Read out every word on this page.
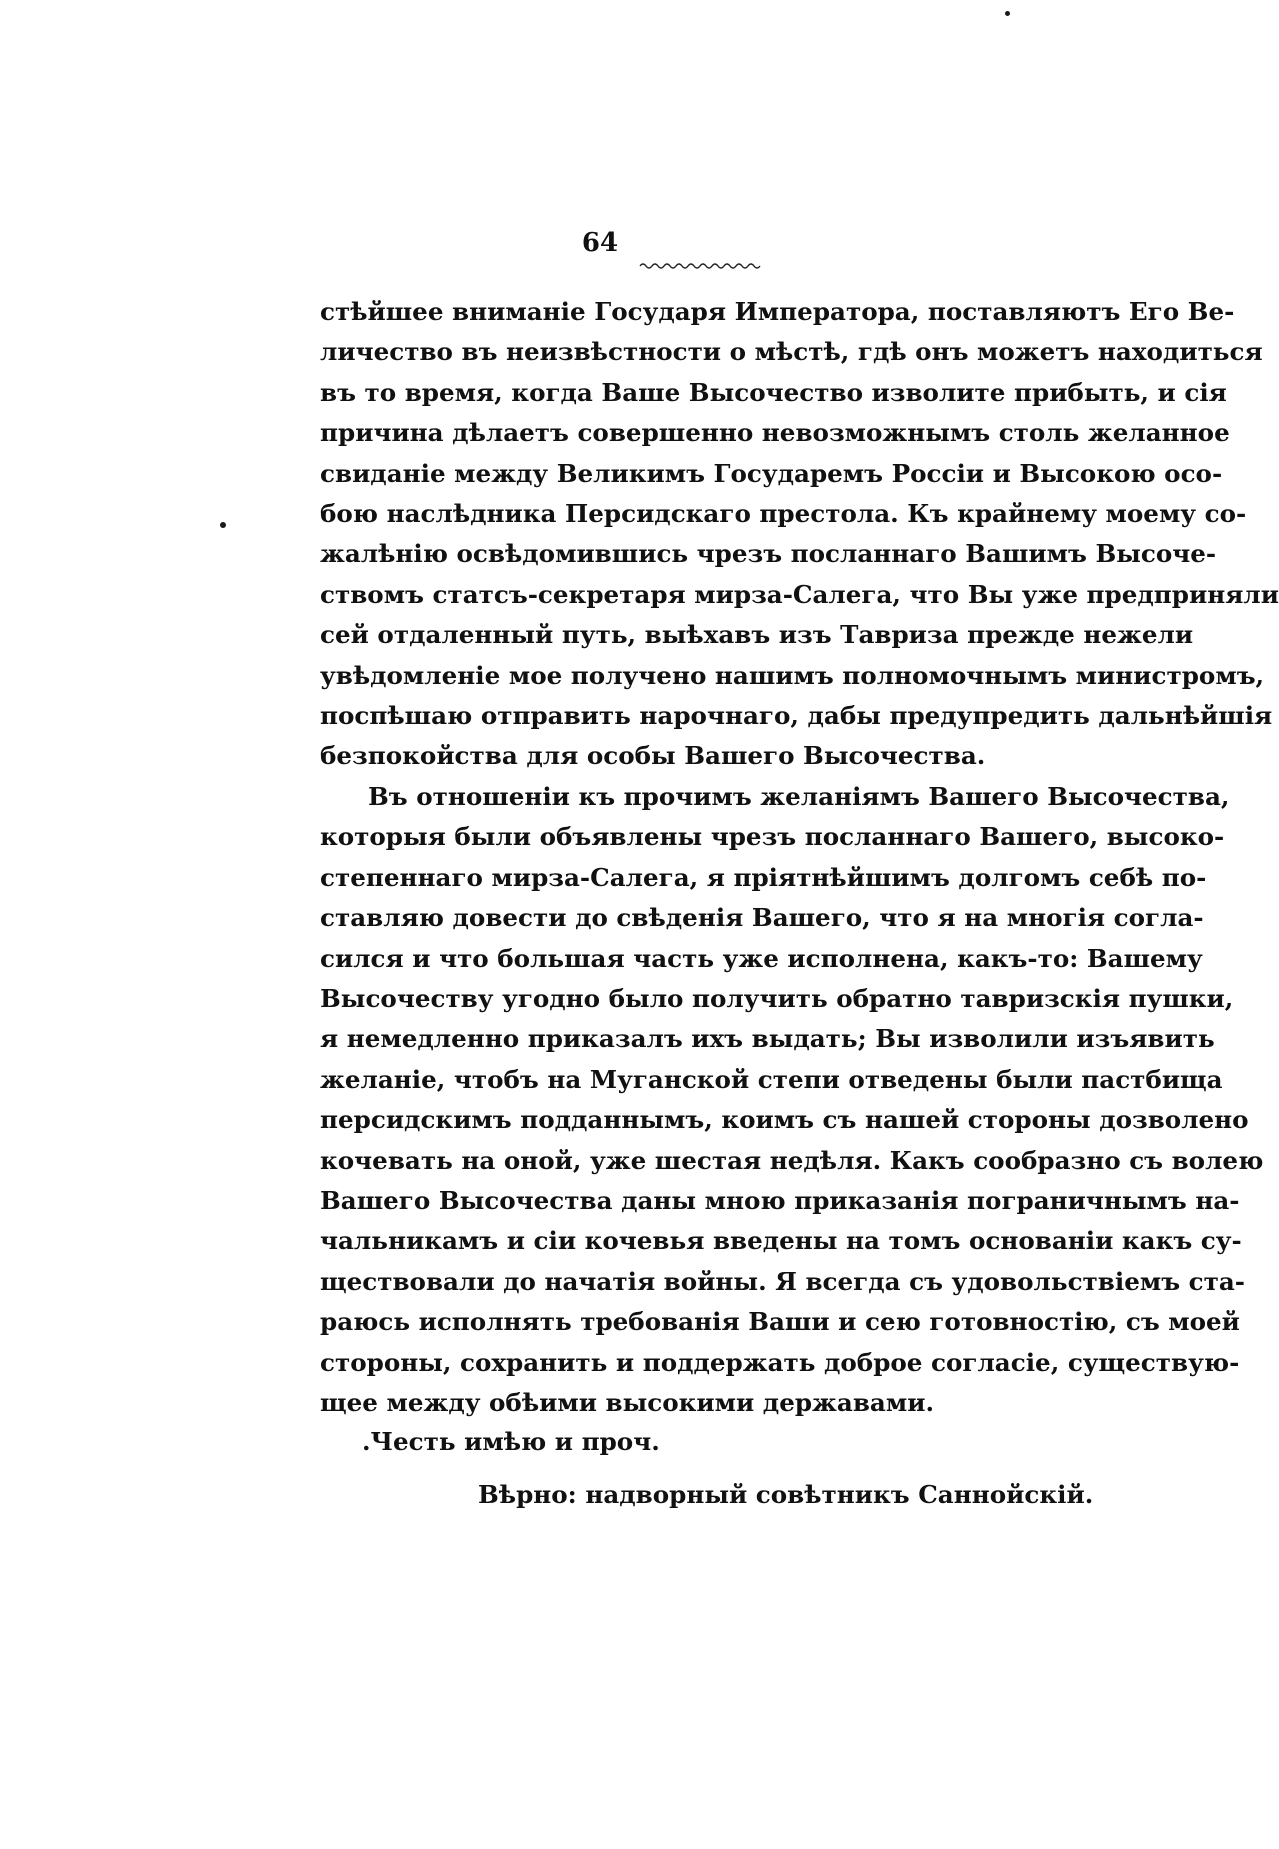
64
стѣйшее вниманіе Государя Императора, поставляютъ Его Ве-
личество въ неизвѣстности о мѣстѣ, гдѣ онъ можетъ находиться
въ то время, когда Ваше Высочество изволите прибыть, и сія
причина дѣлаетъ совершенно невозможнымъ столь желанное
свиданіе между Великимъ Государемъ Россіи и Высокою осо-
бою наслѣдника Персидскаго престола. Къ крайнему моему со-
жалѣнію освѣдомившись чрезъ посланнаго Вашимъ Высоче-
ствомъ статсъ-секретаря мирза-Салега, что Вы уже предприняли
сей отдаленный путь, выѣхавъ изъ Тавриза прежде нежели
увѣдомленіе мое получено нашимъ полномочнымъ министромъ,
поспѣшаю отправить нарочнаго, дабы предупредить дальнѣйшія
безпокойства для особы Вашего Высочества.
Въ отношеніи къ прочимъ желаніямъ Вашего Высочества,
которыя были объявлены чрезъ посланнаго Вашего, высоко-
степеннаго мирза-Салега, я пріятнѣйшимъ долгомъ себѣ по-
ставляю довести до свѣденія Вашего, что я на многія согла-
сился и что большая часть уже исполнена, какъ-то: Вашему
Высочеству угодно было получить обратно тавризскія пушки,
я немедленно приказалъ ихъ выдать; Вы изволили изъявить
желаніе, чтобъ на Муганской степи отведены были пастбища
персидскимъ подданнымъ, коимъ съ нашей стороны дозволено
кочевать на оной, уже шестая недѣля. Какъ сообразно съ волею
Вашего Высочества даны мною приказанія пограничнымъ на-
чальникамъ и сіи кочевья введены на томъ основаніи какъ су-
ществовали до начатія войны. Я всегда съ удовольствіемъ ста-
раюсь исполнять требованія Ваши и сею готовностію, съ моей
стороны, сохранить и поддержать доброе согласіе, существую-
щее между обѣими высокими державами.
.Честь имѣю и проч.
Вѣрно: надворный совѣтникъ Саннойскій.
